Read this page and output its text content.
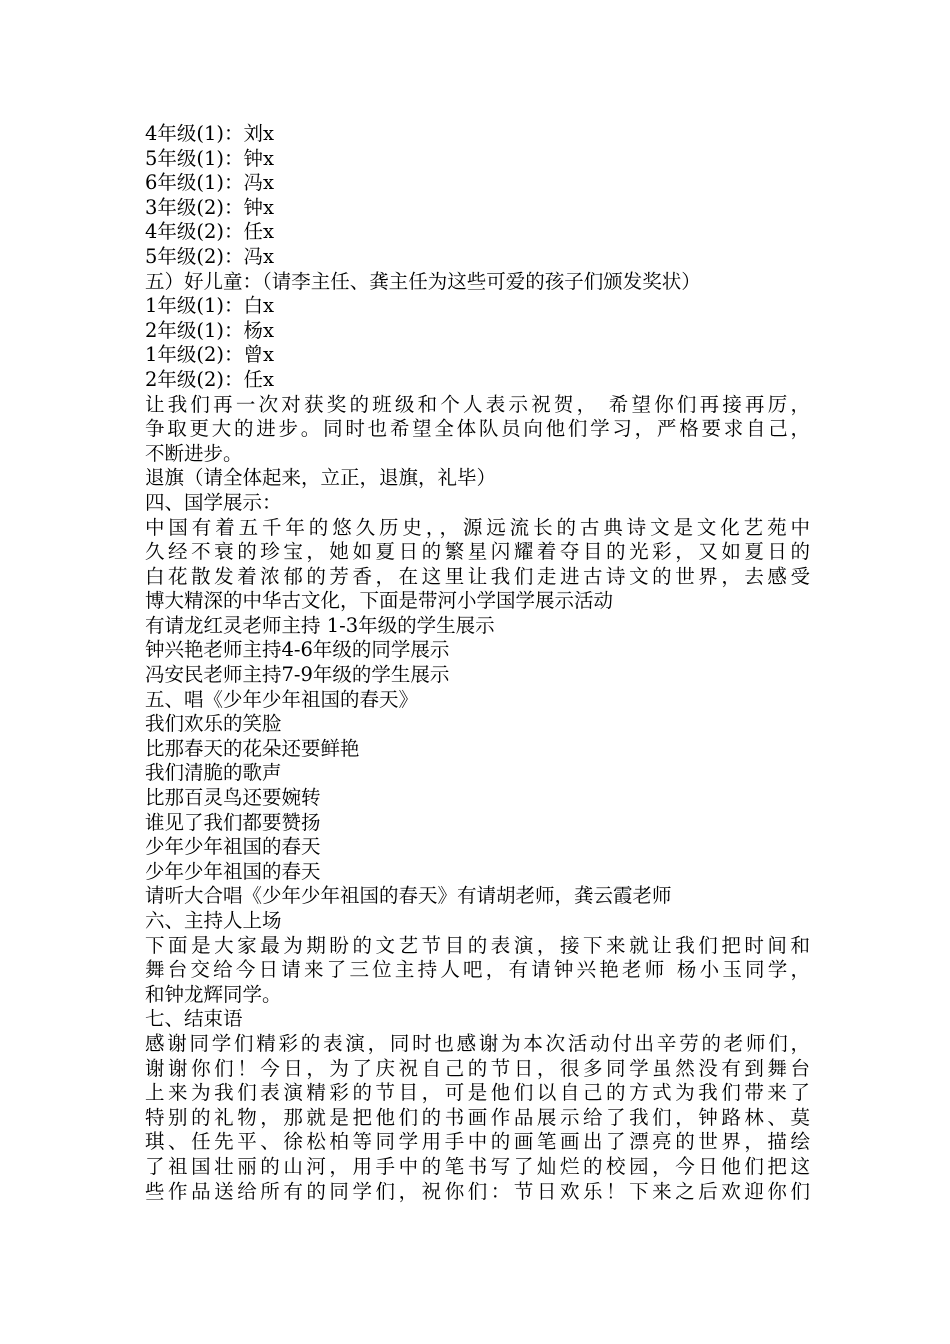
4年级(1)：刘x
5年级(1)：钟x
6年级(1)：冯x
3年级(2)：钟x
4年级(2)：任x
5年级(2)：冯x
五）好儿童：（请李主任、龚主任为这些可爱的孩子们颁发奖状）
1年级(1)：白x
2年级(1)：杨x
1年级(2)：曾x
2年级(2)：任x
让我们再一次对获奖的班级和个人表示祝贺， 希望你们再接再厉，
争取更大的进步。同时也希望全体队员向他们学习，严格要求自己，
不断进步。
退旗（请全体起来，立正，退旗，礼毕）
四、国学展示：
中国有着五千年的悠久历史，，源远流长的古典诗文是文化艺苑中
久经不衰的珍宝，她如夏日的繁星闪耀着夺目的光彩，又如夏日的
白花散发着浓郁的芳香，在这里让我们走进古诗文的世界，去感受
博大精深的中华古文化，下面是带河小学国学展示活动
有请龙红灵老师主持 1-3年级的学生展示
钟兴艳老师主持4-6年级的同学展示
冯安民老师主持7-9年级的学生展示
五、唱《少年少年祖国的春天》
我们欢乐的笑脸
比那春天的花朵还要鲜艳
我们清脆的歌声
比那百灵鸟还要婉转
谁见了我们都要赞扬
少年少年祖国的春天
少年少年祖国的春天
请听大合唱《少年少年祖国的春天》有请胡老师，龚云霞老师
六、主持人上场
下面是大家最为期盼的文艺节目的表演，接下来就让我们把时间和
舞台交给今日请来了三位主持人吧，有请钟兴艳老师 杨小玉同学，
和钟龙辉同学。
七、结束语
感谢同学们精彩的表演，同时也感谢为本次活动付出辛劳的老师们，
谢谢你们！今日，为了庆祝自己的节日，很多同学虽然没有到舞台
上来为我们表演精彩的节目，可是他们以自己的方式为我们带来了
特别的礼物，那就是把他们的书画作品展示给了我们，钟路林、莫
琪、任先平、徐松柏等同学用手中的画笔画出了漂亮的世界，描绘
了祖国壮丽的山河，用手中的笔书写了灿烂的校园，今日他们把这
些作品送给所有的同学们，祝你们：节日欢乐！下来之后欢迎你们
